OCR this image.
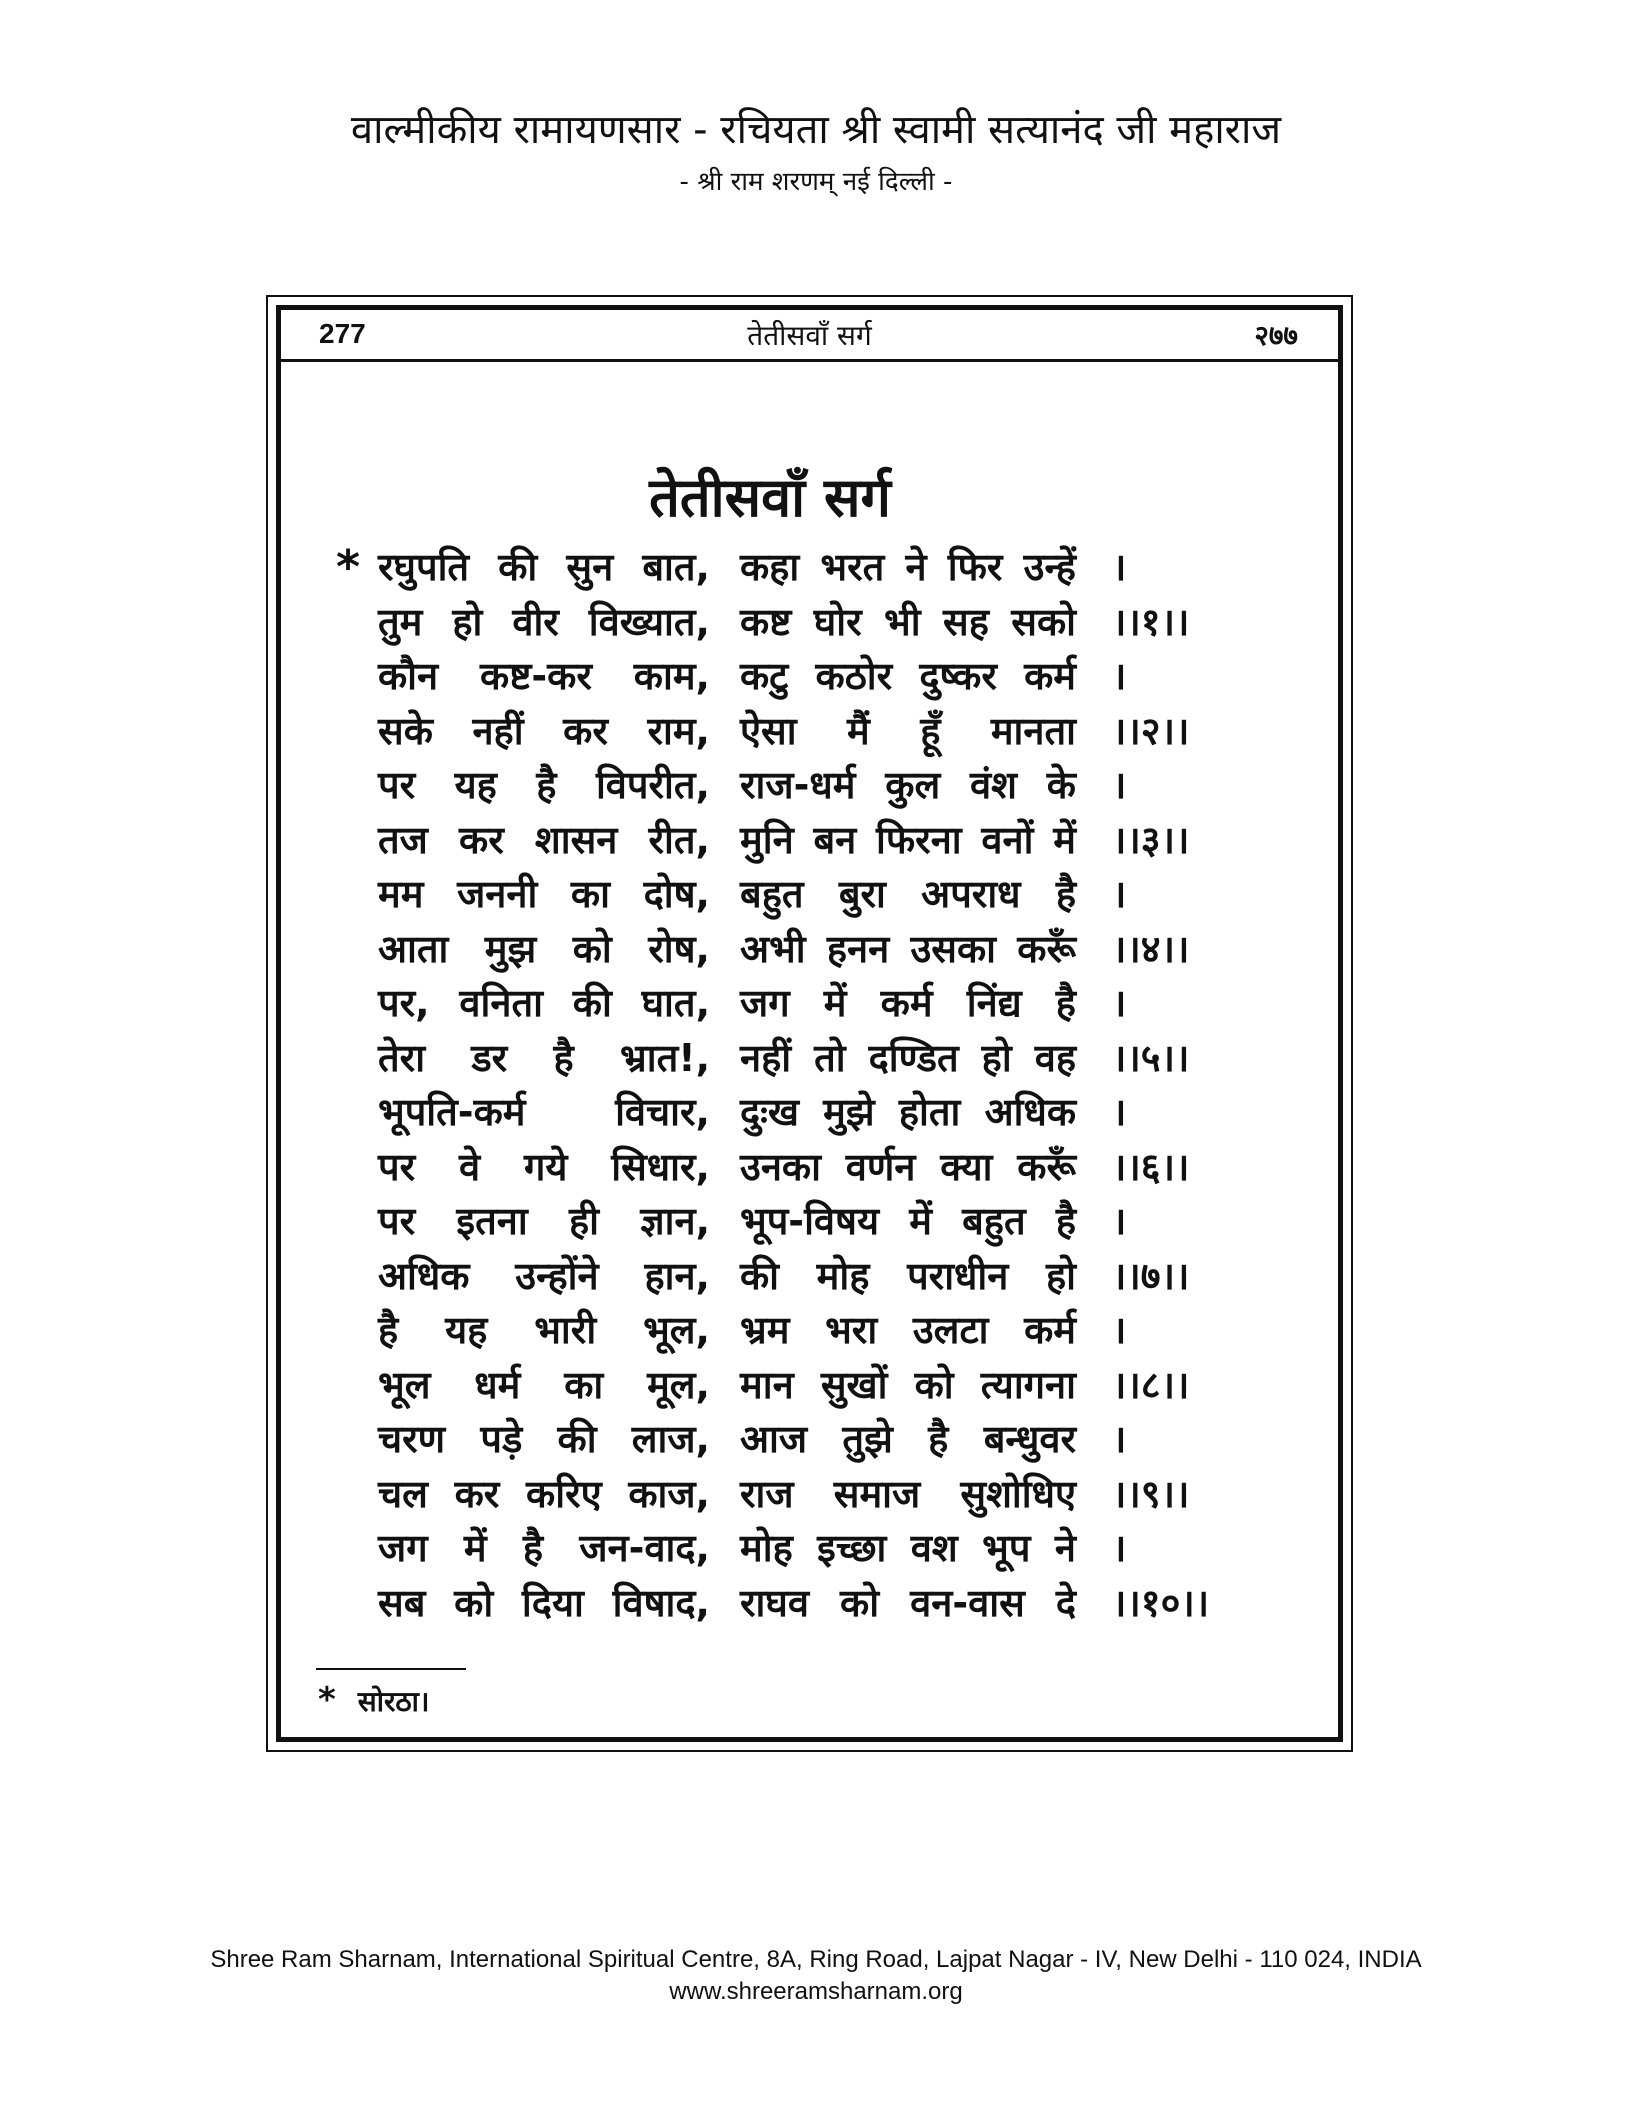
वाल्मीकीय रामायणसार - रचियता श्री स्वामी सत्यानंद जी महाराज
- श्री राम शरणम् नई दिल्ली -
277	तेतीसवाँ सर्ग	२७७
तेतीसवाँ सर्ग
* रघुपति की सुन बात, कहा भरत ने फिर उन्हें ।
तुम हो वीर विख्यात, कष्ट घोर भी सह सको ।।१।।
कौन कष्ट-कर काम, कटु कठोर दुष्कर कर्म ।
सके नहीं कर राम, ऐसा मैं हूँ मानता ।।२।।
पर यह है विपरीत, राज-धर्म कुल वंश के ।
तज कर शासन रीत, मुनि बन फिरना वनों में ।।३।।
मम जननी का दोष, बहुत बुरा अपराध है ।
आता मुझ को रोष, अभी हनन उसका करूँ ।।४।।
पर, वनिता की घात, जग में कर्म निंद्य है ।
तेरा डर है भ्रात!, नहीं तो दण्डित हो वह ।।५।।
भूपति-कर्म विचार, दुःख मुझे होता अधिक ।
पर वे गये सिधार, उनका वर्णन क्या करूँ ।।६।।
पर इतना ही ज्ञान, भूप-विषय में बहुत है ।
अधिक उन्होंने हान, की मोह पराधीन हो ।।७।।
है यह भारी भूल, भ्रम भरा उलटा कर्म ।
भूल धर्म का मूल, मान सुखों को त्यागना ।।८।।
चरण पड़े की लाज, आज तुझे है बन्धुवर ।
चल कर करिए काज, राज समाज सुशोधिए ।।९।।
जग में है जन-वाद, मोह इच्छा वश भूप ने ।
सब को दिया विषाद, राघव को वन-वास दे ।।१०।।
* सोरठा।
Shree Ram Sharnam, International Spiritual Centre, 8A, Ring Road, Lajpat Nagar - IV, New Delhi - 110 024, INDIA
www.shreeramsharnam.org
